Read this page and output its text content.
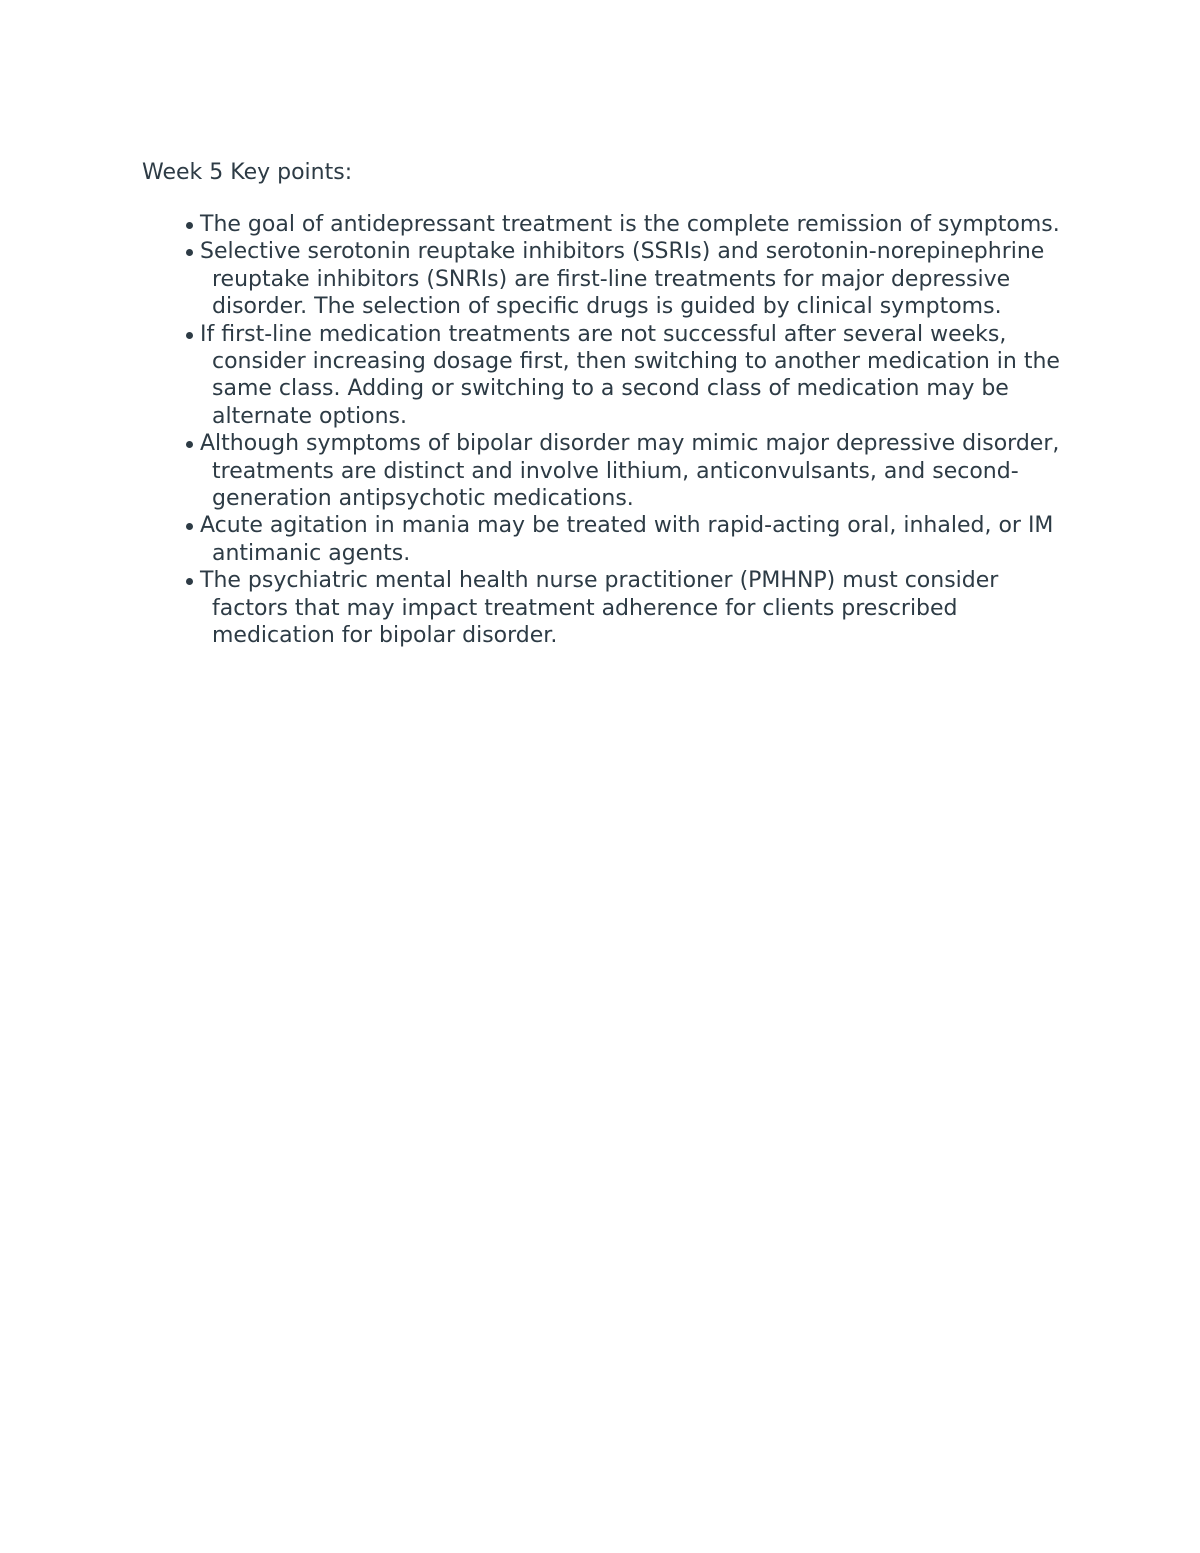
Week 5 Key points:
The goal of antidepressant treatment is the complete remission of symptoms.
Selective serotonin reuptake inhibitors (SSRIs) and serotonin-norepinephrine reuptake inhibitors (SNRIs) are first-line treatments for major depressive disorder. The selection of specific drugs is guided by clinical symptoms.
If first-line medication treatments are not successful after several weeks, consider increasing dosage first, then switching to another medication in the same class. Adding or switching to a second class of medication may be alternate options.
Although symptoms of bipolar disorder may mimic major depressive disorder, treatments are distinct and involve lithium, anticonvulsants, and second-generation antipsychotic medications.
Acute agitation in mania may be treated with rapid-acting oral, inhaled, or IM antimanic agents.
The psychiatric mental health nurse practitioner (PMHNP) must consider factors that may impact treatment adherence for clients prescribed medication for bipolar disorder.
